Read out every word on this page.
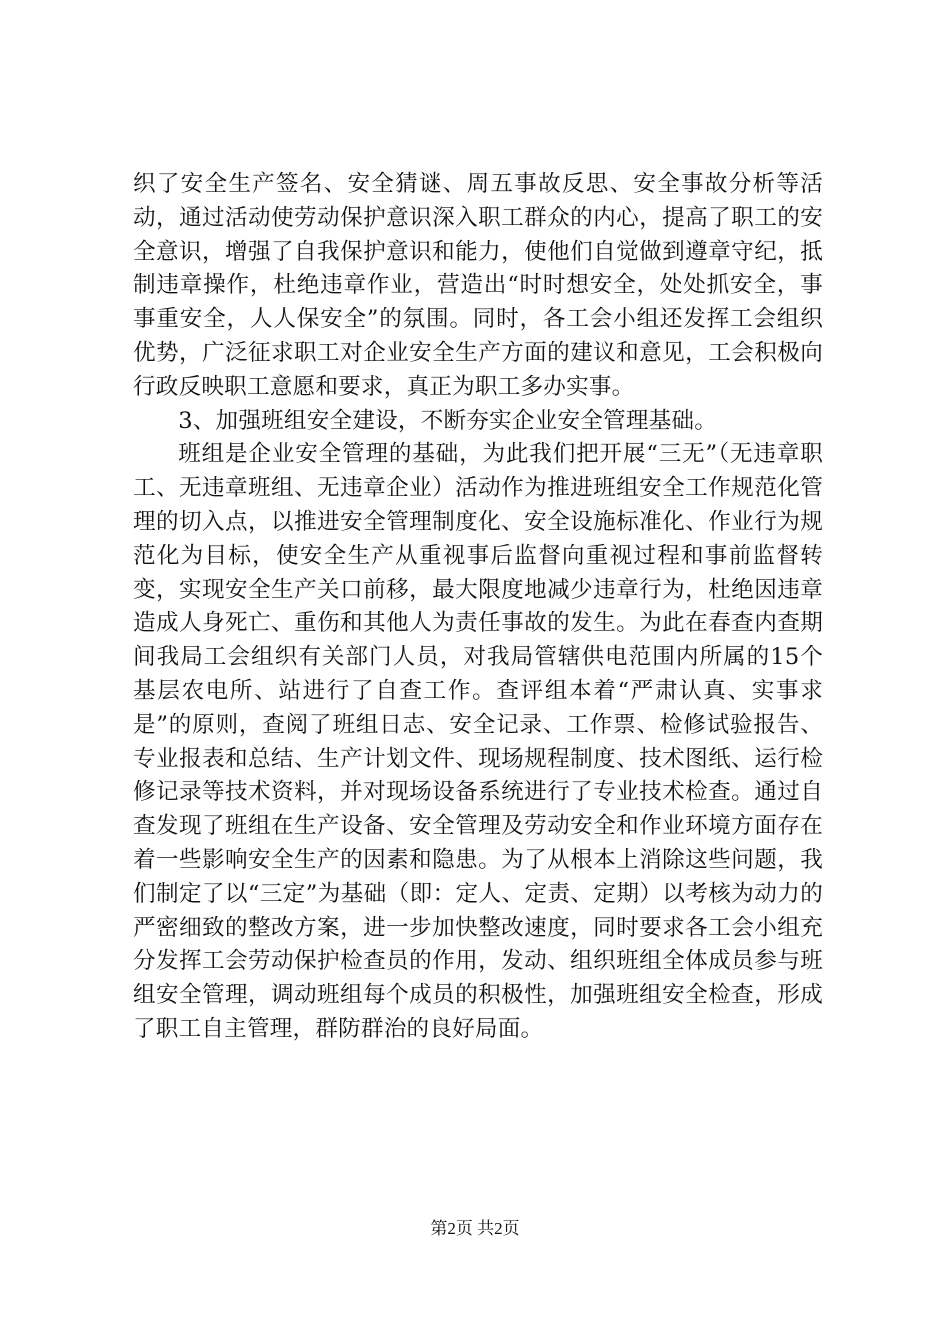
织了安全生产签名、安全猜谜、周五事故反思、安全事故分析等活动，通过活动使劳动保护意识深入职工群众的内心，提高了职工的安全意识，增强了自我保护意识和能力，使他们自觉做到遵章守纪，抵制违章操作，杜绝违章作业，营造出“时时想安全，处处抓安全，事事重安全，人人保安全”的氛围。同时，各工会小组还发挥工会组织优势，广泛征求职工对企业安全生产方面的建议和意见，工会积极向行政反映职工意愿和要求，真正为职工多办实事。

3、加强班组安全建设，不断夯实企业安全管理基础。

班组是企业安全管理的基础，为此我们把开展“三无”（无违章职工、无违章班组、无违章企业）活动作为推进班组安全工作规范化管理的切入点，以推进安全管理制度化、安全设施标准化、作业行为规范化为目标，使安全生产从重视事后监督向重视过程和事前监督转变，实现安全生产关口前移，最大限度地减少违章行为，杜绝因违章造成人身死亡、重伤和其他人为责任事故的发生。为此在春查内查期间我局工会组织有关部门人员，对我局管辖供电范围内所属的15个基层农电所、站进行了自查工作。查评组本着“严肃认真、实事求是”的原则，查阅了班组日志、安全记录、工作票、检修试验报告、专业报表和总结、生产计划文件、现场规程制度、技术图纸、运行检修记录等技术资料，并对现场设备系统进行了专业技术检查。通过自查发现了班组在生产设备、安全管理及劳动安全和作业环境方面存在着一些影响安全生产的因素和隐患。为了从根本上消除这些问题，我们制定了以“三定”为基础（即：定人、定责、定期）以考核为动力的严密细致的整改方案，进一步加快整改速度，同时要求各工会小组充分发挥工会劳动保护检查员的作用，发动、组织班组全体成员参与班组安全管理，调动班组每个成员的积极性，加强班组安全检查，形成了职工自主管理，群防群治的良好局面。

第2页 共2页
